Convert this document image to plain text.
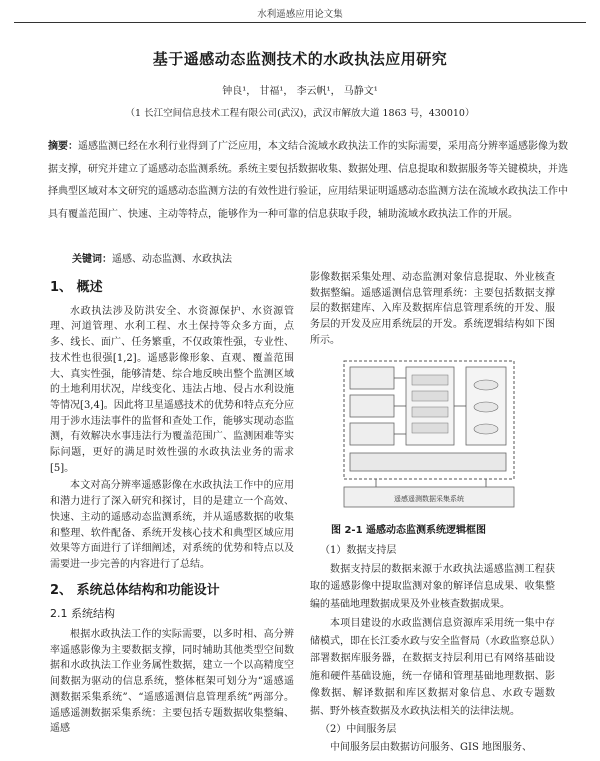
水利遥感应用论文集
基于遥感动态监测技术的水政执法应用研究
钟良¹， 甘福¹， 李云帆¹， 马静文¹
（1 长江空间信息技术工程有限公司(武汉)，武汉市解放大道 1863 号，430010）
摘要：遥感监测已经在水利行业得到了广泛应用，本文结合流域水政执法工作的实际需要，采用高分辨率遥感影像为数据支撑，研究并建立了遥感动态监测系统。系统主要包括数据收集、数据处理、信息提取和数据服务等关键模块，并选择典型区域对本文研究的遥感动态监测方法的有效性进行验证，应用结果证明遥感动态监测方法在流域水政执法工作中具有覆盖范围广、快速、主动等特点，能够作为一种可靠的信息获取手段，辅助流域水政执法工作的开展。
关键词：遥感、动态监测、水政执法
1、 概述

水政执法涉及防洪安全、水资源保护、水资源管理、河道管理、水利工程、水土保持等众多方面，点多、线长、面广、任务繁重，不仅政策性强，专业性、技术性也很强[1,2]。遥感影像形象、直观、覆盖范围大、真实性强，能够清楚、综合地反映出整个监测区域的土地利用状况，岸线变化、违法占地、侵占水利设施等情况[3,4]。因此将卫星遥感技术的优势和特点充分应用于涉水违法事件的监督和查处工作，能够实现动态监测，有效解决水事违法行为覆盖范围广、监测困难等实际问题，更好的满足时效性强的水政执法业务的需求[5]。

本文对高分辨率遥感影像在水政执法工作中的应用和潜力进行了深入研究和探讨，目的是建立一个高效、快速、主动的遥感动态监测系统，并从遥感数据的收集和整理、软件配备、系统开发核心技术和典型区域应用效果等方面进行了详细阐述，对系统的优势和特点以及需要进一步完善的内容进行了总结。

2、 系统总体结构和功能设计
2.1 系统结构

根据水政执法工作的实际需要，以多时相、高分辨率遥感影像为主要数据支撑，同时辅助其他类型空间数据和水政执法工作业务属性数据，建立一个以高精度空间数据为驱动的信息系统，整体框架可划分为“遥感遥测数据采集系统”、“遥感遥测信息管理系统”两部分。遥感遥测数据采集系统：主要包括专题数据收集整编、遥感

影像数据采集处理、动态监测对象信息提取、外业核查数据整编。遥感遥测信息管理系统：主要包括数据支撑层的数据建库、入库及数据库信息管理系统的开发、服务层的开发及应用系统层的开发。系统逻辑结构如下图所示。

遥感遥测数据采集系统
图 2-1 遥感动态监测系统逻辑框图
（1）数据支持层

数据支持层的数据来源于水政执法遥感监测工程获取的遥感影像中提取监测对象的解译信息成果、收集整编的基础地理数据成果及外业核查数据成果。

本项目建设的水政监测信息资源库采用统一集中存储模式，即在长江委水政与安全监督局（水政监察总队）部署数据库服务器，在数据支持层利用已有网络基础设施和硬件基础设施，统一存储和管理基础地理数据、影像数据、解译数据和库区数据对象信息、水政专题数据、野外核查数据及水政执法相关的法律法规。

（2）中间服务层

中间服务层由数据访问服务、GIS 地图服务、
